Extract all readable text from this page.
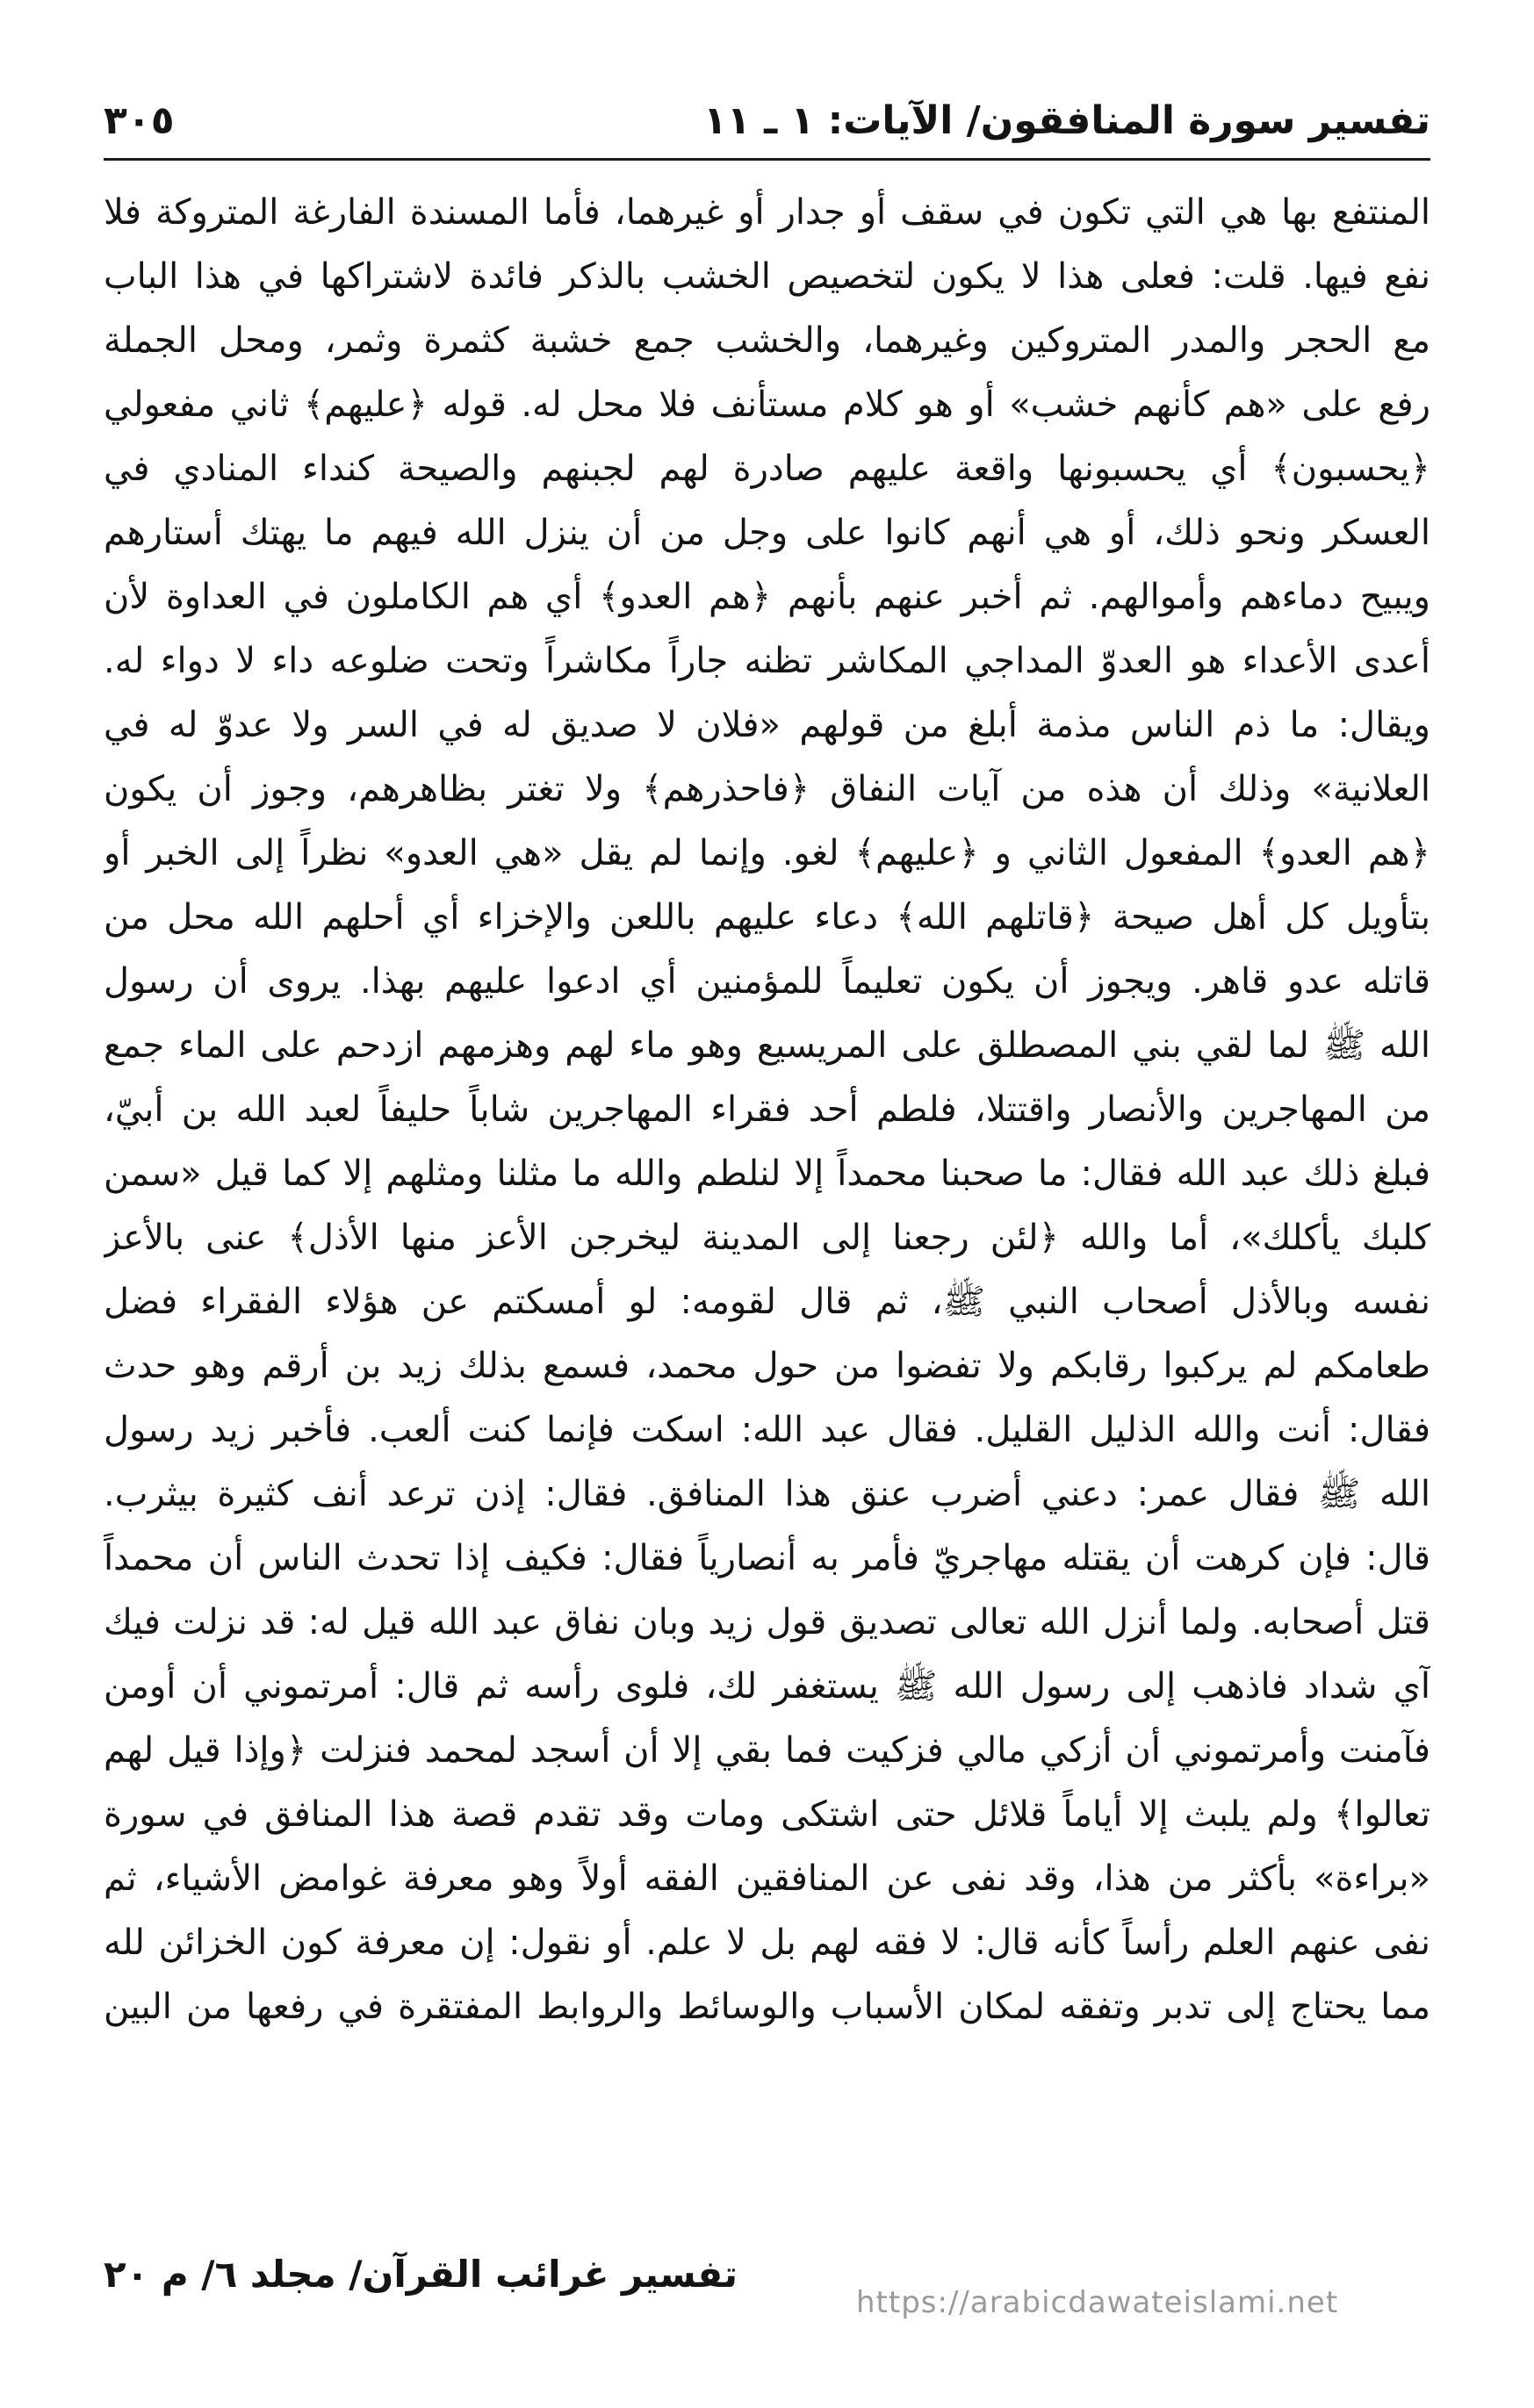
تفسير سورة المنافقون/ الآيات: ١ ـ ١١
٣٠٥
المنتفع بها هي التي تكون في سقف أو جدار أو غيرهما، فأما المسندة الفارغة المتروكة فلا
نفع فيها. قلت: فعلى هذا لا يكون لتخصيص الخشب بالذكر فائدة لاشتراكها في هذا الباب
مع الحجر والمدر المتروكين وغيرهما، والخشب جمع خشبة كثمرة وثمر، ومحل الجملة
رفع على «هم كأنهم خشب» أو هو كلام مستأنف فلا محل له. قوله ﴿عليهم﴾ ثاني مفعولي
﴿يحسبون﴾ أي يحسبونها واقعة عليهم صادرة لهم لجبنهم والصيحة كنداء المنادي في
العسكر ونحو ذلك، أو هي أنهم كانوا على وجل من أن ينزل الله فيهم ما يهتك أستارهم
ويبيح دماءهم وأموالهم. ثم أخبر عنهم بأنهم ﴿هم العدو﴾ أي هم الكاملون في العداوة لأن
أعدى الأعداء هو العدوّ المداجي المكاشر تظنه جاراً مكاشراً وتحت ضلوعه داء لا دواء له.
ويقال: ما ذم الناس مذمة أبلغ من قولهم «فلان لا صديق له في السر ولا عدوّ له في
العلانية» وذلك أن هذه من آيات النفاق ﴿فاحذرهم﴾ ولا تغتر بظاهرهم، وجوز أن يكون
﴿هم العدو﴾ المفعول الثاني و ﴿عليهم﴾ لغو. وإنما لم يقل «هي العدو» نظراً إلى الخبر أو
بتأويل كل أهل صيحة ﴿قاتلهم الله﴾ دعاء عليهم باللعن والإخزاء أي أحلهم الله محل من
قاتله عدو قاهر. ويجوز أن يكون تعليماً للمؤمنين أي ادعوا عليهم بهذا. يروى أن رسول
الله ﷺ لما لقي بني المصطلق على المريسيع وهو ماء لهم وهزمهم ازدحم على الماء جمع
من المهاجرين والأنصار واقتتلا، فلطم أحد فقراء المهاجرين شاباً حليفاً لعبد الله بن أبيّ،
فبلغ ذلك عبد الله فقال: ما صحبنا محمداً إلا لنلطم والله ما مثلنا ومثلهم إلا كما قيل «سمن
كلبك يأكلك»، أما والله ﴿لئن رجعنا إلى المدينة ليخرجن الأعز منها الأذل﴾ عنى بالأعز
نفسه وبالأذل أصحاب النبي ﷺ، ثم قال لقومه: لو أمسكتم عن هؤلاء الفقراء فضل
طعامكم لم يركبوا رقابكم ولا تفضوا من حول محمد، فسمع بذلك زيد بن أرقم وهو حدث
فقال: أنت والله الذليل القليل. فقال عبد الله: اسكت فإنما كنت ألعب. فأخبر زيد رسول
الله ﷺ فقال عمر: دعني أضرب عنق هذا المنافق. فقال: إذن ترعد أنف كثيرة بيثرب.
قال: فإن كرهت أن يقتله مهاجريّ فأمر به أنصارياً فقال: فكيف إذا تحدث الناس أن محمداً
قتل أصحابه. ولما أنزل الله تعالى تصديق قول زيد وبان نفاق عبد الله قيل له: قد نزلت فيك
آي شداد فاذهب إلى رسول الله ﷺ يستغفر لك، فلوى رأسه ثم قال: أمرتموني أن أومن
فآمنت وأمرتموني أن أزكي مالي فزكيت فما بقي إلا أن أسجد لمحمد فنزلت ﴿وإذا قيل لهم
تعالوا﴾ ولم يلبث إلا أياماً قلائل حتى اشتكى ومات وقد تقدم قصة هذا المنافق في سورة
«براءة» بأكثر من هذا، وقد نفى عن المنافقين الفقه أولاً وهو معرفة غوامض الأشياء، ثم
نفى عنهم العلم رأساً كأنه قال: لا فقه لهم بل لا علم. أو نقول: إن معرفة كون الخزائن لله
مما يحتاج إلى تدبر وتفقه لمكان الأسباب والوسائط والروابط المفتقرة في رفعها من البين
تفسير غرائب القرآن/ مجلد ٦/ م ٢٠
https://arabicdawateislami.net
